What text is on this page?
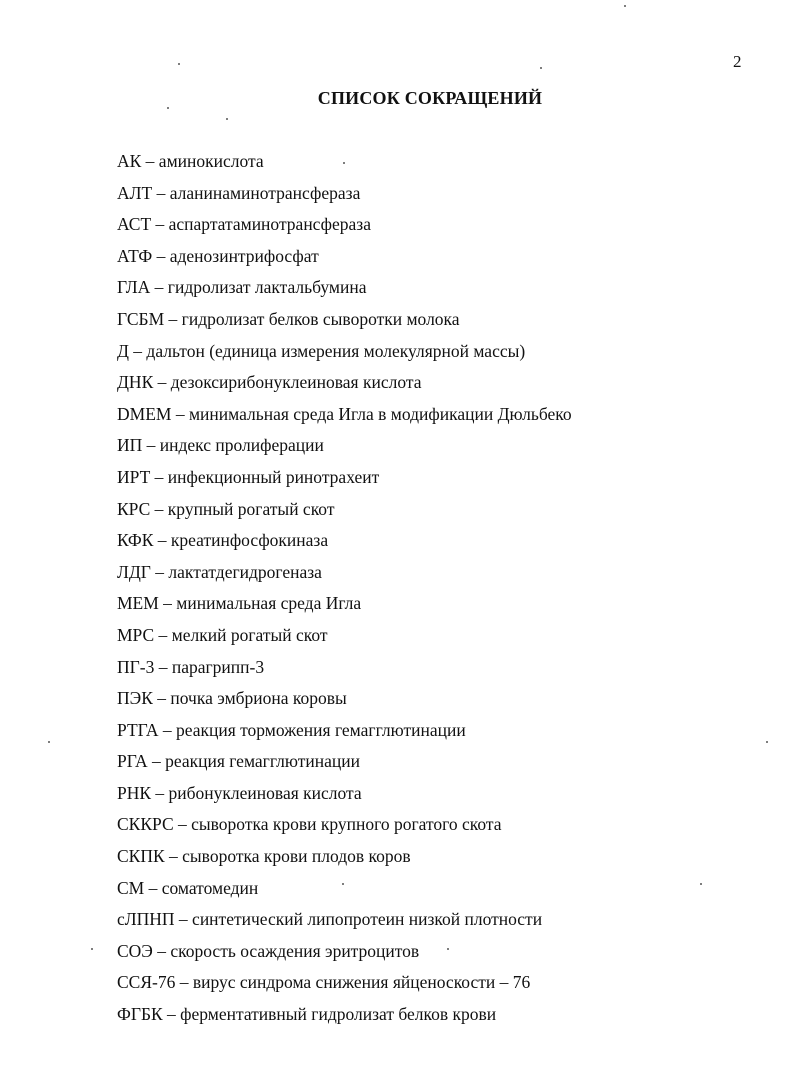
2
СПИСОК СОКРАЩЕНИЙ
АК – аминокислота
АЛТ – аланинаминотрансфераза
АСТ – аспартатаминотрансфераза
АТФ – аденозинтрифосфат
ГЛА – гидролизат лактальбумина
ГСБМ – гидролизат белков сыворотки молока
Д – дальтон (единица измерения молекулярной массы)
ДНК – дезоксирибонуклеиновая кислота
DMEM – минимальная среда Игла в модификации Дюльбеко
ИП – индекс пролиферации
ИРТ – инфекционный ринотрахеит
КРС – крупный рогатый скот
КФК – креатинфосфокиназа
ЛДГ – лактатдегидрогеназа
МЕМ – минимальная среда Игла
МРС – мелкий рогатый скот
ПГ-3 – парагрипп-3
ПЭК – почка эмбриона коровы
РТГА – реакция торможения гемагглютинации
РГА – реакция гемагглютинации
РНК – рибонуклеиновая кислота
СККРС – сыворотка крови крупного рогатого скота
СКПК – сыворотка крови плодов коров
СМ – соматомедин
сЛПНП – синтетический липопротеин низкой плотности
СОЭ – скорость осаждения эритроцитов
ССЯ-76 – вирус синдрома снижения яйценоскости – 76
ФГБК – ферментативный гидролизат белков крови
